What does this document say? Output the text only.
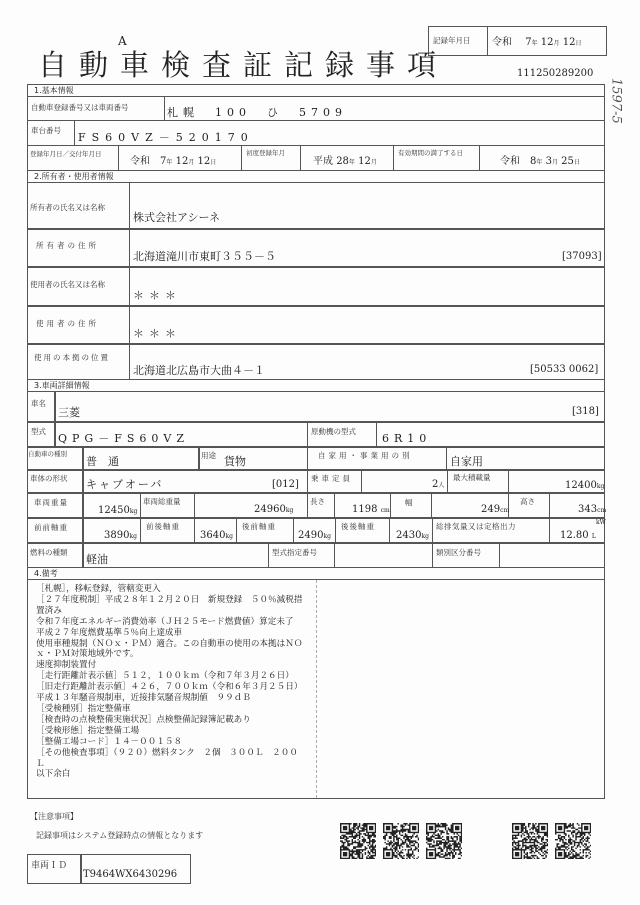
記録年月日 令和　 7年 12月 12日
A
自動車検査証記録事項	111250289200
1597-5
1.基本情報
自動車登録番号又は車両番号	札幌　100　ひ　5709
車台番号
FS60VZ－520170
登録年月日／交付年月日
令和　 7年 12月 12日
初度登録年月
平成 28年 12月
有効期間の満了する日
令和　 8年 3月 25日
2.所有者・使用者情報
所有者の氏名又は名称
株式会社アシーネ
所有者の住所
北海道滝川市東町３５５－５	[37093]
使用者の氏名又は名称
＊＊＊
使用者の住所
＊＊＊
使用の本拠の位置
北海道北広島市大曲４－１	[50533 0062]
3.車両詳細情報
車名
三菱	[318]
型式
QPG－FS60VZ
原動機の型式
6R10
自動車の種別
普　通	用途 貨物	自家用・事業用の別	自家用
車体の形状 キャブオーバ	[012]
乗車定員
2人
最大積載量
12400kg
車両重量
12450kg
車両総重量
24960kg
長さ
1198 cm
幅
249cm
高さ
343cm
前前軸重
3890kg
前後軸重
3640kg
後前軸重
2490kg
後後軸重
2430kg
総排気量又は定格出力	kW
12.80 L
燃料の種類
軽油
型式指定番号	類別区分番号
4.備考
［札幌］，移転登録，管轄変更入
［２７年度税制］平成２８年１２月２０日　新規登録　５０％減税措
置済み
令和７年度エネルギー消費効率（ＪＨ２５モード燃費値）算定未了
平成２７年度燃費基準５％向上達成車
使用車種規制（ＮＯｘ・ＰＭ）適合。この自動車の使用の本拠はＮＯ
ｘ・ＰＭ対策地域外です。
速度抑制装置付
［走行距離計表示値］５１２，１００ｋｍ（令和７年３月２６日）
［旧走行距離計表示値］４２６，７００ｋｍ（令和６年３月２５日）
平成１３年騒音規制車，近接排気騒音規制値　９９ｄＢ
［受検種別］指定整備車
［検査時の点検整備実施状況］点検整備記録簿記載あり
［受検形態］指定整備工場
［整備工場コード］１４－００１５８
［その他検査事項］（９２０）燃料タンク　２個　３００Ｌ　２００
Ｌ
以下余白
【注意事項】
記録事項はシステム登録時点の情報となります
車両ＩＤ
T9464WX6430296
